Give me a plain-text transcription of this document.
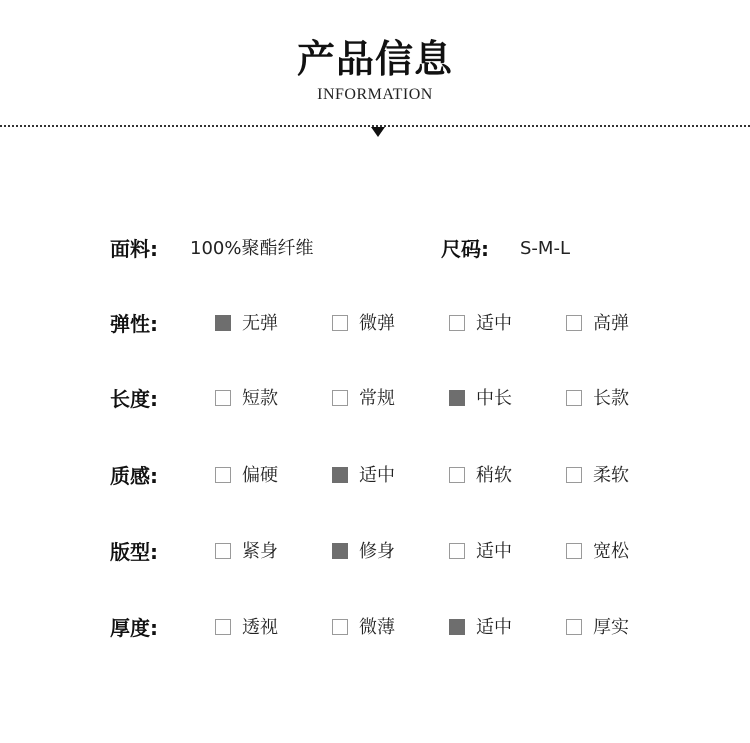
产品信息
INFORMATION
面料: 100%聚酯纤维	尺码: S-M-L
弹性:	无弹	微弹	适中	高弹
长度:	短款	常规	中长	长款
质感:	偏硬	适中	稍软	柔软
版型:	紧身	修身	适中	宽松
厚度:	透视	微薄	适中	厚实
